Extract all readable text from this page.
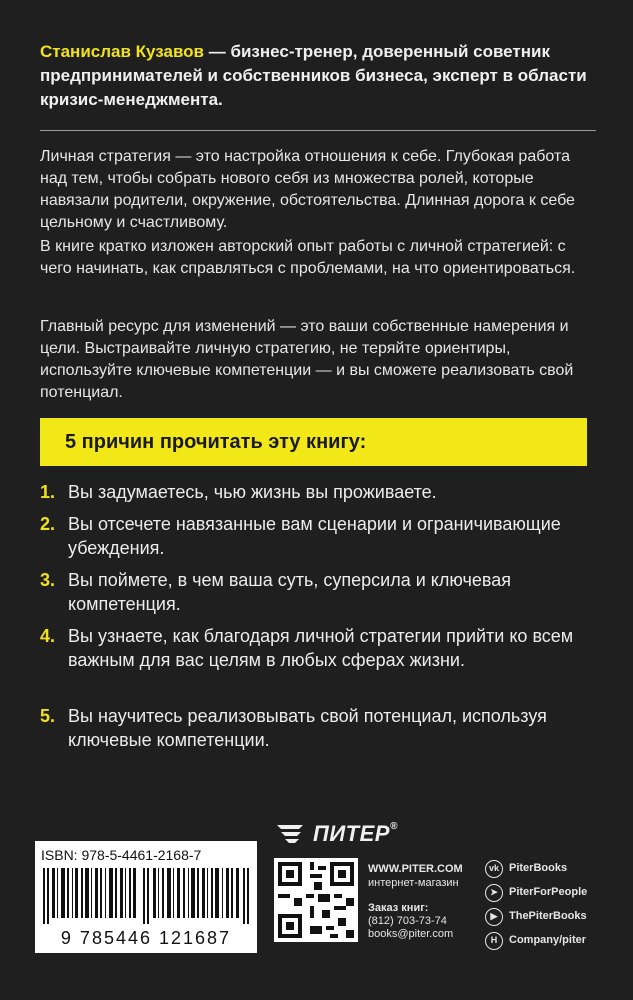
Станислав Кузавов — бизнес-тренер, доверенный советник предпринимателей и собственников бизнеса, эксперт в области кризис-менеджмента.

Личная стратегия — это настройка отношения к себе. Глубокая работа над тем, чтобы собрать нового себя из множества ролей, которые навязали родители, окружение, обстоятельства. Длинная дорога к себе цельному и счастливому.

В книге кратко изложен авторский опыт работы с личной стратегией: с чего начинать, как справляться с проблемами, на что ориентироваться.

Главный ресурс для изменений — это ваши собственные намерения и цели. Выстраивайте личную стратегию, не теряйте ориентиры, используйте ключевые компетенции — и вы сможете реализовать свой потенциал.

5 причин прочитать эту книгу:
1. Вы задумаетесь, чью жизнь вы проживаете.
2. Вы отсечете навязанные вам сценарии и ограничивающие убеждения.
3. Вы поймете, в чем ваша суть, суперсила и ключевая компетенция.
4. Вы узнаете, как благодаря личной стратегии прийти ко всем важным для вас целям в любых сферах жизни.
5. Вы научитесь реализовывать свой потенциал, используя ключевые компетенции.
ПИТЕР®
ISBN: 978-5-4461-2168-7
9 785446 121687
WWW.PITER.COM
интернет-магазин
Заказ книг:
(812) 703-73-74
books@piter.com
vk PiterBooks
➤	PiterForPeople
▶	ThePiterBooks
H	Company/piter
